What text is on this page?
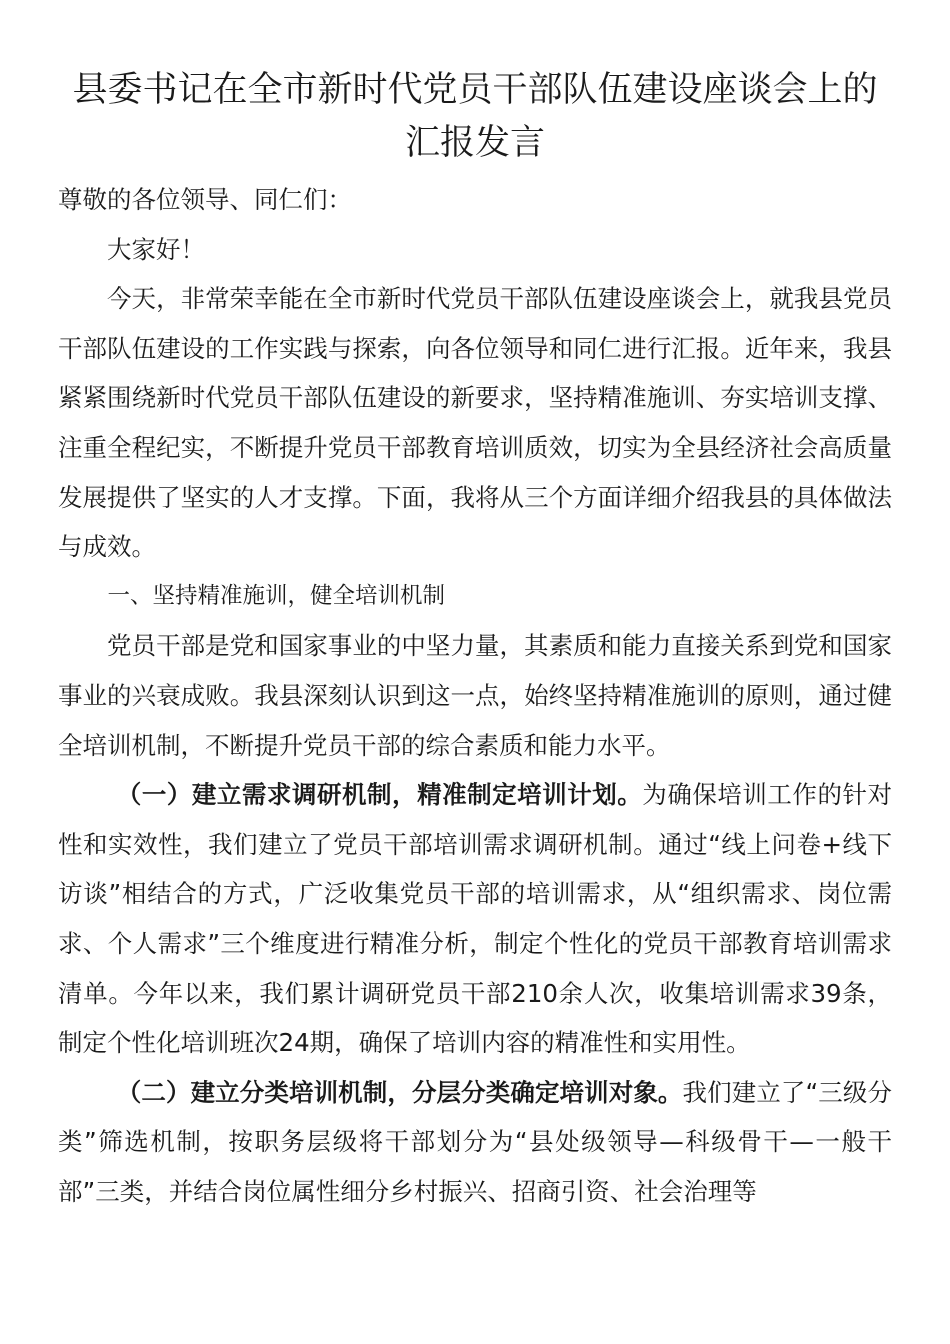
县委书记在全市新时代党员干部队伍建设座谈会上的汇报发言

尊敬的各位领导、同仁们：

大家好！

今天，非常荣幸能在全市新时代党员干部队伍建设座谈会上，就我县党员干部队伍建设的工作实践与探索，向各位领导和同仁进行汇报。近年来，我县紧紧围绕新时代党员干部队伍建设的新要求，坚持精准施训、夯实培训支撑、注重全程纪实，不断提升党员干部教育培训质效，切实为全县经济社会高质量发展提供了坚实的人才支撑。下面，我将从三个方面详细介绍我县的具体做法与成效。

一、坚持精准施训，健全培训机制

党员干部是党和国家事业的中坚力量，其素质和能力直接关系到党和国家事业的兴衰成败。我县深刻认识到这一点，始终坚持精准施训的原则，通过健全培训机制，不断提升党员干部的综合素质和能力水平。

（一）建立需求调研机制，精准制定培训计划。为确保培训工作的针对性和实效性，我们建立了党员干部培训需求调研机制。通过“线上问卷+线下访谈”相结合的方式，广泛收集党员干部的培训需求，从“组织需求、岗位需求、个人需求”三个维度进行精准分析，制定个性化的党员干部教育培训需求清单。今年以来，我们累计调研党员干部210余人次，收集培训需求39条，制定个性化培训班次24期，确保了培训内容的精准性和实用性。

（二）建立分类培训机制，分层分类确定培训对象。我们建立了“三级分类”筛选机制，按职务层级将干部划分为“县处级领导—科级骨干—一般干部”三类，并结合岗位属性细分乡村振兴、招商引资、社会治理等
